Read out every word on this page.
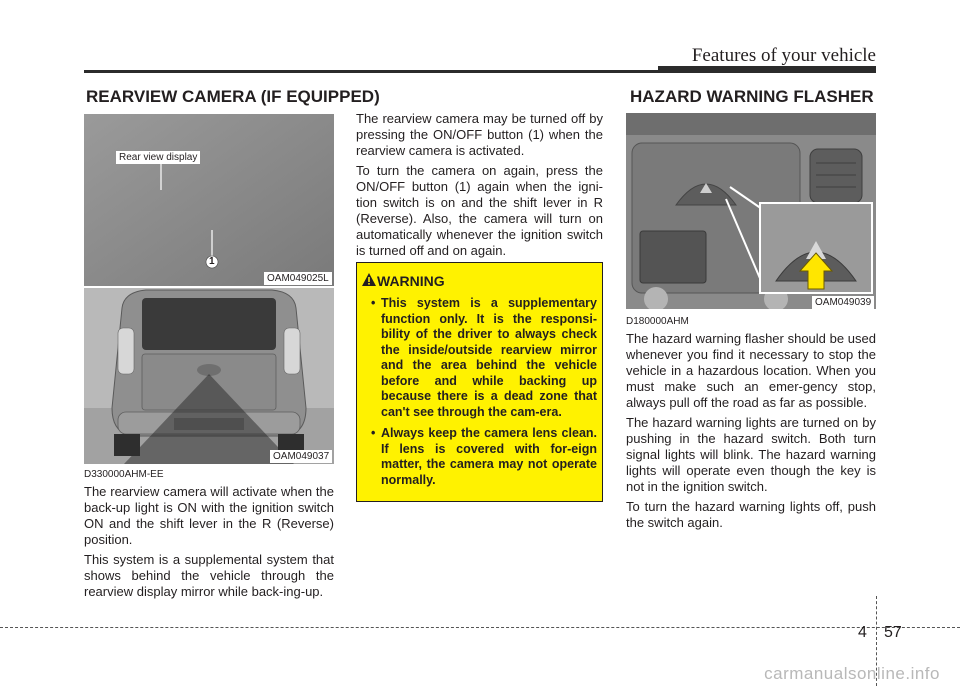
Features of your vehicle
REARVIEW CAMERA (IF EQUIPPED)	HAZARD WARNING FLASHER
1
Rear view display
OAM049025L
OAM049037
D330000AHM-EE

The rearview camera will activate when the back-up light is ON with the ignition switch ON and the shift lever in the R (Reverse) position.

This system is a supplemental system that shows behind the vehicle through the rearview display mirror while back-ing-up.

The rearview camera may be turned off by pressing the ON/OFF button (1) when the rearview camera is activated.

To turn the camera on again, press the ON/OFF button (1) again when the igni-tion switch is on and the shift lever in R (Reverse). Also, the camera will turn on automatically whenever the ignition switch is turned off and on again.

WARNING
• This system is a supplementary function only. It is the responsi-bility of the driver to always check the inside/outside rearview mirror and the area behind the vehicle before and while backing up because there is a dead zone that can't see through the cam-era.
• Always keep the camera lens clean. If lens is covered with for-eign matter, the camera may not operate normally.
OAM049039
D180000AHM

The hazard warning flasher should be used whenever you find it necessary to stop the vehicle in a hazardous location. When you must make such an emer-gency stop, always pull off the road as far as possible.

The hazard warning lights are turned on by pushing in the hazard switch. Both turn signal lights will blink. The hazard warning lights will operate even though the key is not in the ignition switch.

To turn the hazard warning lights off, push the switch again.

4 57
carmanualsonline.info
